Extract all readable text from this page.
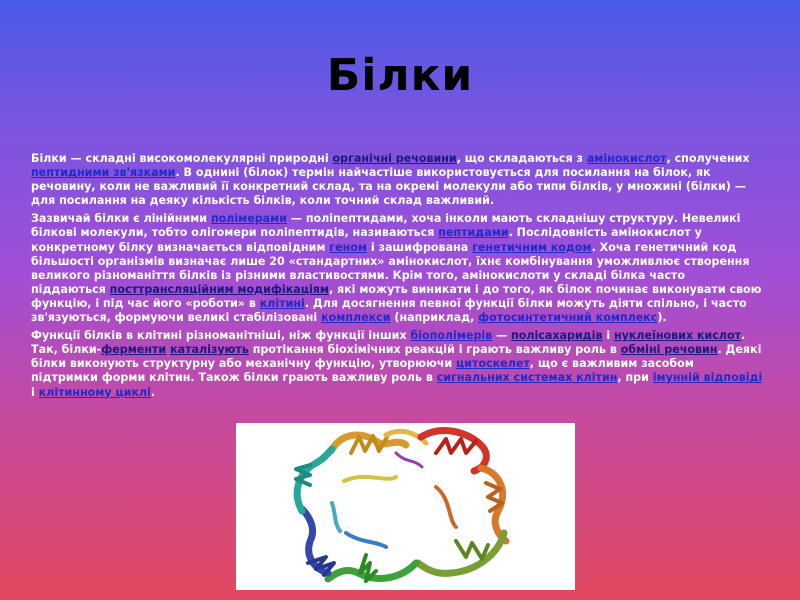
Білки

Білки — складні високомолекулярні природні органічні речовини, що складаються з амінокислот, сполучених пептидними зв'язками. В однині (білок) термін найчастіше використовується для посилання на білок, як речовину, коли не важливий її конкретний склад, та на окремі молекули або типи білків, у множині (білки) — для посилання на деяку кількість білків, коли точний склад важливий.

Зазвичай білки є лінійними полімерами — поліпептидами, хоча інколи мають складнішу структуру. Невеликі білкові молекули, тобто олігомери поліпептидів, називаються пептидами. Послідовність амінокислот у конкретному білку визначається відповідним геном і зашифрована генетичним кодом. Хоча генетичний код більшості організмів визначає лише 20 «стандартних» амінокислот, їхнє комбінування уможливлює створення великого різноманіття білків із різними властивостями. Крім того, амінокислоти у складі білка часто піддаються посттрансляційним модифікаціям, які можуть виникати і до того, як білок починає виконувати свою функцію, і під час його «роботи» в клітині. Для досягнення певної функції білки можуть діяти спільно, і часто зв'язуються, формуючи великі стабілізовані комплекси (наприклад, фотосинтетичний комплекс).

Функції білків в клітині різноманітніші, ніж функції інших біополімерів — полісахаридів і нуклеїнових кислот. Так, білки-ферменти каталізують протікання біохімічних реакцій і грають важливу роль в обміні речовин. Деякі білки виконують структурну або механічну функцію, утворюючи цитоскелет, що є важливим засобом підтримки форми клітин. Також білки грають важливу роль в сигнальних системах клітин, при імунній відповіді і клітинному циклі.
